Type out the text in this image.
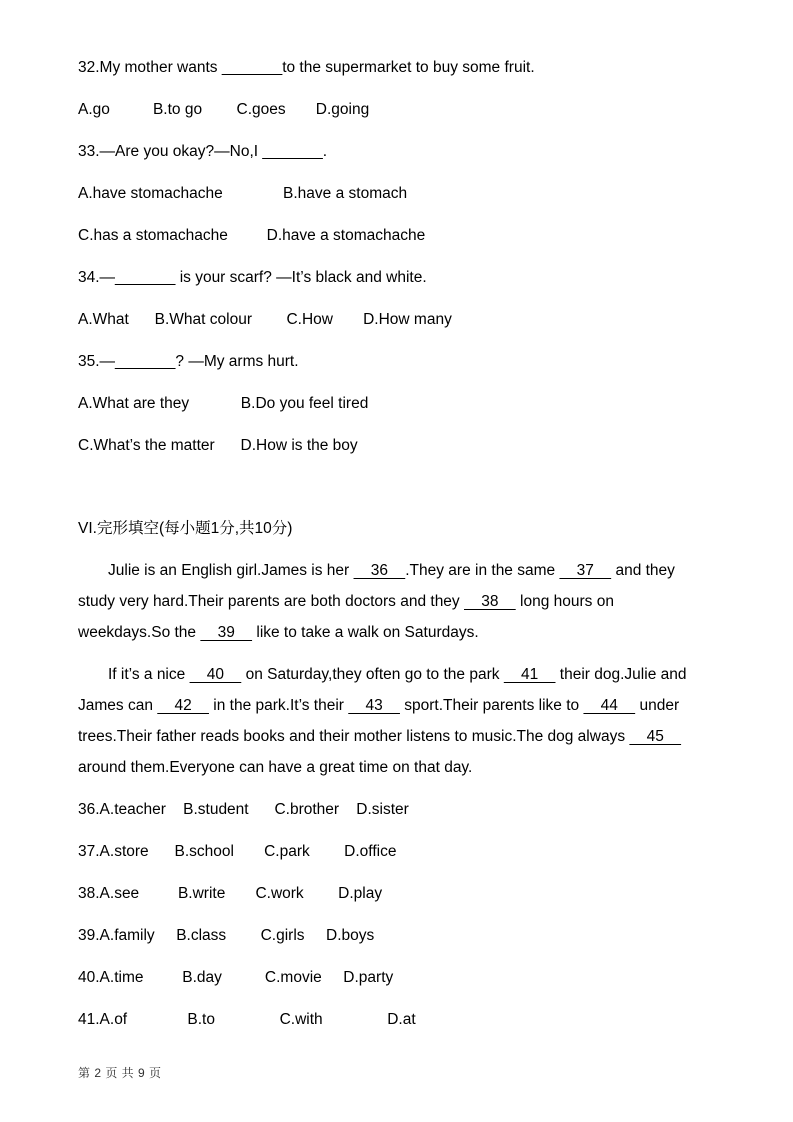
32.My mother wants _______to the supermarket to buy some fruit.
A.go          B.to go        C.goes       D.going
33.—Are you okay?—No,I _______.
A.have stomachache              B.have a stomach
C.has a stomachache         D.have a stomachache
34.—_______ is your scarf? —It’s black and white.
A.What      B.What colour        C.How       D.How many
35.—_______? —My arms hurt.
A.What are they            B.Do you feel tired
C.What’s the matter      D.How is the boy
VI.完形填空(每小题1分,共10分)
Julie is an English girl.James is her     36    .They are in the same     37     and they
study very hard.Their parents are both doctors and they     38     long hours on
weekdays.So the     39     like to take a walk on Saturdays.
If it’s a nice     40     on Saturday,they often go to the park     41     their dog.Julie and
James can     42     in the park.It’s their     43     sport.Their parents like to     44     under
trees.Their father reads books and their mother listens to music.The dog always     45
around them.Everyone can have a great time on that day.
36.A.teacher    B.student      C.brother    D.sister
37.A.store      B.school       C.park        D.office
38.A.see         B.write       C.work        D.play
39.A.family     B.class        C.girls     D.boys
40.A.time         B.day          C.movie     D.party
41.A.of              B.to               C.with               D.at
第 2 页 共 9 页
